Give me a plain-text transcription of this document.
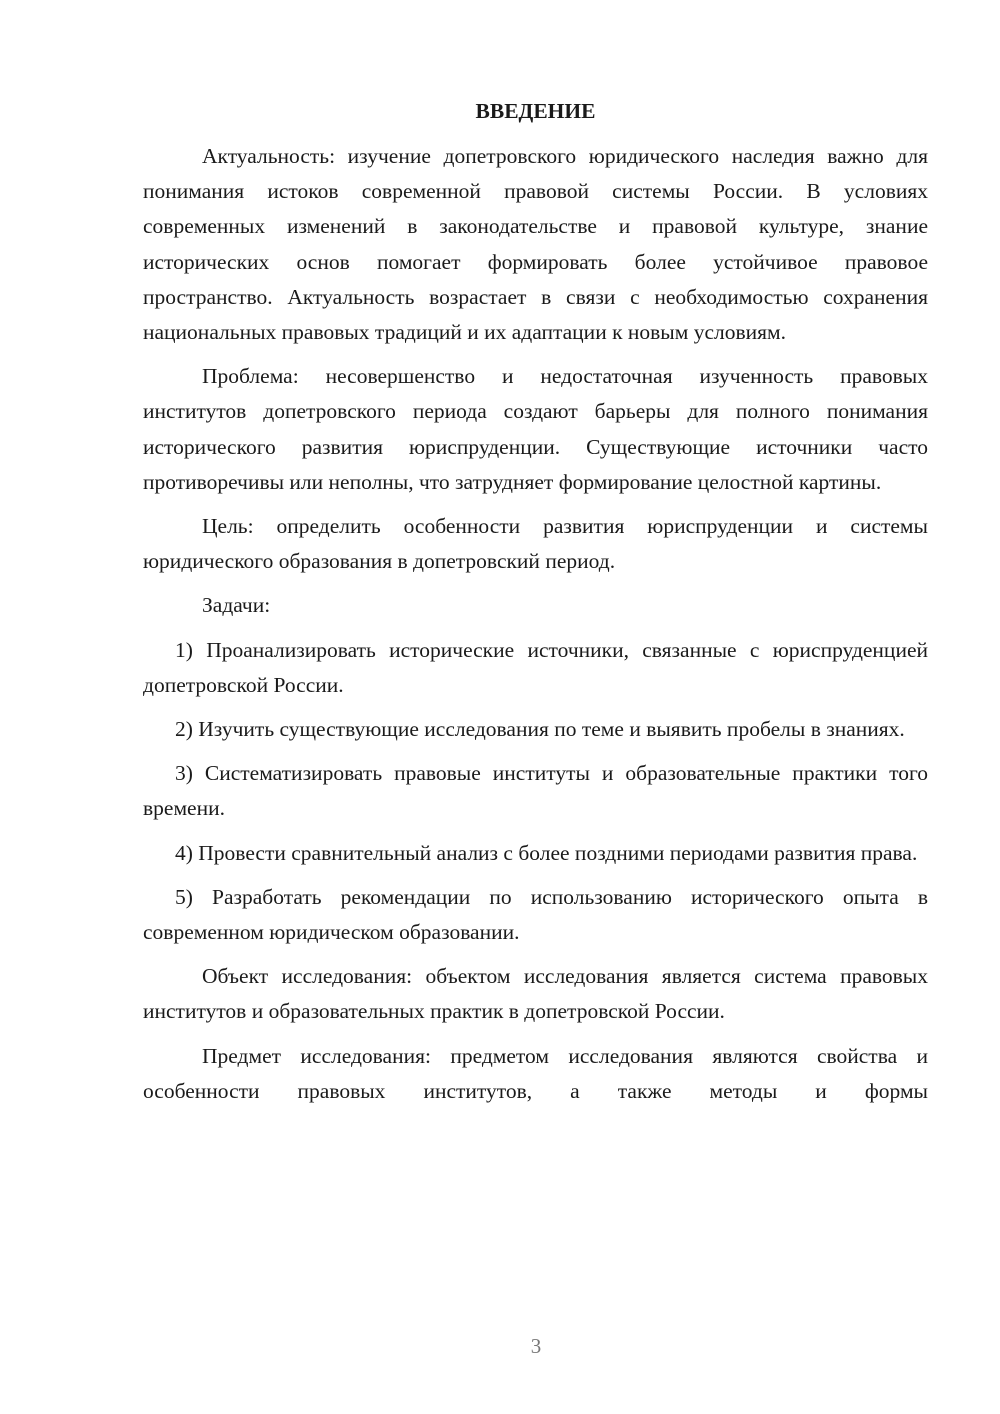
ВВЕДЕНИЕ

Актуальность: изучение допетровского юридического наследия важно для понимания истоков современной правовой системы России. В условиях современных изменений в законодательстве и правовой культуре, знание исторических основ помогает формировать более устойчивое правовое пространство. Актуальность возрастает в связи с необходимостью сохранения национальных правовых традиций и их адаптации к новым условиям.

Проблема: несовершенство и недостаточная изученность правовых институтов допетровского периода создают барьеры для полного понимания исторического развития юриспруденции. Существующие источники часто противоречивы или неполны, что затрудняет формирование целостной картины.

Цель: определить особенности развития юриспруденции и системы юридического образования в допетровский период.

Задачи:

1) Проанализировать исторические источники, связанные с юриспруденцией допетровской России.

2) Изучить существующие исследования по теме и выявить пробелы в знаниях.

3) Систематизировать правовые институты и образовательные практики того времени.

4) Провести сравнительный анализ с более поздними периодами развития права.

5) Разработать рекомендации по использованию исторического опыта в современном юридическом образовании.

Объект исследования: объектом исследования является система правовых институтов и образовательных практик в допетровской России.

Предмет исследования: предметом исследования являются свойства и особенности правовых институтов, а также методы и формы

3
